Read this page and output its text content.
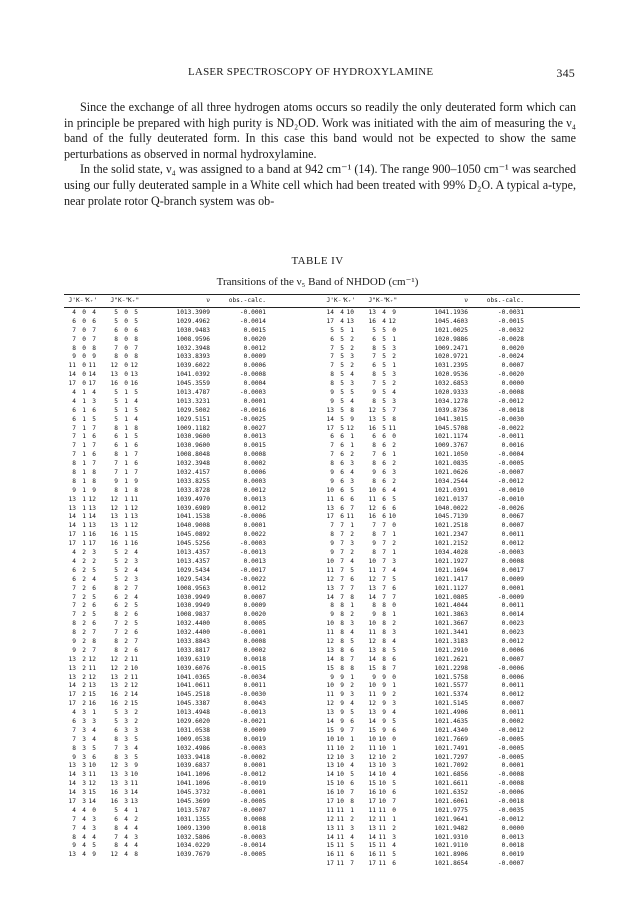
LASER SPECTROSCOPY OF HYDROXYLAMINE	345

Since the exchange of all three hydrogen atoms occurs so readily the only deuterated form which can in principle be prepared with high purity is ND₂OD. Work was initiated with the aim of measuring the ν₄ band of the fully deuterated form. In this case this band would not be expected to show the same perturbations as observed in normal hydroxylamine.

In the solid state, ν₄ was assigned to a band at 942 cm⁻¹ (14). The range 900–1050 cm⁻¹ was searched using our fully deuterated sample in a White cell which had been treated with 99% D₂O. A typical a-type, near prolate rotor Q-branch system was ob-

TABLE IV
Transitions of the ν₅ Band of NHDOD (cm⁻¹)
J' K₋'
K₊'	J" K₋"
K₊"	ν	obs.-calc.	J' K₋'
K₊'	J" K₋"
K₊"	ν	obs.-calc.
4	0	4	5	0	5	1013.3909	-0.0001
6	0	6	5	0	5	1029.4962	-0.0014
7	0	7	6	0	6	1030.9483	0.0015
7	0	7	8	0	8	1008.9596	0.0020
8	0	8	7	0	7	1032.3948	0.0012
9	0	9	8	0	8	1033.8393	0.0009
11	0 11	12	0 12	1039.6022	0.0006
14	0 14	13	0 13	1041.0392	-0.0008
17	0 17	16	0 16	1045.3559	0.0004
4	1	4	5	1	5	1013.4787	-0.0003
4	1	3	5	1	4	1013.3231	0.0001
6	1	6	5	1	5	1029.5002	-0.0016
6	1	5	5	1	4	1029.5151	-0.0025
7	1	7	8	1	8	1009.1182	0.0027
7	1	6	6	1	5	1030.9600	0.0013
7	1	7	6	1	6	1030.9600	0.0015
7	1	6	8	1	7	1008.8048	0.0008
8	1	7	7	1	6	1032.3948	0.0002
8	1	8	7	1	7	1032.4157	0.0006
8	1	8	9	1	9	1033.8255	0.0003
9	1	9	8	1	8	1033.8728	0.0012
13	1 12	12	1 11	1039.4970	0.0013
13	1 13	12	1 12	1039.6989	0.0012
14	1 14	13	1 13	1041.1538	-0.0006
14	1 13	13	1 12	1040.9008	0.0001
17	1 16	16	1 15	1045.0892	0.0022
17	1 17	16	1 16	1045.5256	-0.0003
4	2	3	5	2	4	1013.4357	-0.0013
4	2	2	5	2	3	1013.4357	0.0013
6	2	5	5	2	4	1029.5434	-0.0017
6	2	4	5	2	3	1029.5434	-0.0022
7	2	6	8	2	7	1008.9563	0.0012
7	2	5	6	2	4	1030.9949	0.0007
7	2	6	6	2	5	1030.9949	0.0009
7	2	5	8	2	6	1008.9837	0.0020
8	2	6	7	2	5	1032.4400	0.0005
8	2	7	7	2	6	1032.4400	-0.0001
9	2	8	8	2	7	1033.8843	0.0008
9	2	7	8	2	6	1033.8817	0.0002
13	2 12	12	2 11	1039.6319	0.0018
13	2 11	12	2 10	1039.6076	-0.0015
13	2 12	13	2 11	1041.0365	-0.0034
14	2 13	13	2 12	1041.0611	0.0011
17	2 15	16	2 14	1045.2518	-0.0030
17	2 16	16	2 15	1045.3387	0.0043
4	3	1	5	3	2	1013.4948	-0.0013
6	3	3	5	3	2	1029.6020	-0.0021
7	3	4	6	3	3	1031.0538	0.0009
7	3	4	8	3	5	1009.0538	0.0019
8	3	5	7	3	4	1032.4986	-0.0003
9	3	6	8	3	5	1033.9418	-0.0002
13	3 10	12	3	9	1039.6837	0.0001
14	3 11	13	3 10	1041.1096	-0.0012
14	3 12	13	3 11	1041.1096	-0.0019
14	3 15	16	3 14	1045.3732	-0.0001
17	3 14	16	3 13	1045.3699	-0.0005
4	4	0	5	4	1	1013.5787	-0.0007
7	4	3	6	4	2	1031.1355	0.0008
7	4	3	8	4	4	1009.1390	0.0018
8	4	4	7	4	3	1032.5806	-0.0003
9	4	5	8	4	4	1034.0229	-0.0014
13	4	9	12	4	8	1039.7679	-0.0005
14	4 10	13	4	9	1041.1936	-0.0031
17	4 13	16	4 12	1045.4603	-0.0015
5	5	1	5	5	0	1021.0025	-0.0032
6	5	2	6	5	1	1020.9886	-0.0028
7	5	2	8	5	3	1009.2471	0.0020
7	5	3	7	5	2	1020.9721	-0.0024
7	5	2	6	5	1	1031.2395	0.0007
8	5	4	8	5	3	1020.9536	-0.0020
8	5	3	7	5	2	1032.6853	0.0000
9	5	5	9	5	4	1020.9333	-0.0008
9	5	4	8	5	3	1034.1278	-0.0012
13	5	8	12	5	7	1039.8736	-0.0018
14	5	9	13	5	8	1041.3015	-0.0030
17	5 12	16	5 11	1045.5708	-0.0022
6	6	1	6	6	0	1021.1174	-0.0011
7	6	1	8	6	2	1009.3767	0.0016
7	6	2	7	6	1	1021.1050	-0.0004
8	6	3	8	6	2	1021.0835	-0.0005
9	6	4	9	6	3	1021.0626	-0.0007
9	6	3	8	6	2	1034.2544	-0.0012
10	6	5	10	6	4	1021.0391	-0.0010
11	6	6	11	6	5	1021.0137	-0.0010
13	6	7	12	6	6	1040.0022	-0.0026
17	6 11	16	6 10	1045.7139	0.0067
7	7	1	7	7	0	1021.2518	0.0007
8	7	2	8	7	1	1021.2347	0.0011
9	7	3	9	7	2	1021.2152	0.0012
9	7	2	8	7	1	1034.4028	-0.0003
10	7	4	10	7	3	1021.1927	0.0008
11	7	5	11	7	4	1021.1694	0.0017
12	7	6	12	7	5	1021.1417	0.0009
13	7	7	13	7	6	1021.1127	0.0001
14	7	8	14	7	7	1021.0805	-0.0009
8	8	1	8	8	0	1021.4044	0.0011
9	8	2	9	8	1	1021.3863	0.0014
10	8	3	10	8	2	1021.3667	0.0023
11	8	4	11	8	3	1021.3441	0.0023
12	8	5	12	8	4	1021.3183	0.0012
13	8	6	13	8	5	1021.2910	0.0006
14	8	7	14	8	6	1021.2621	0.0007
15	8	8	15	8	7	1021.2298	-0.0006
9	9	1	9	9	0	1021.5758	0.0006
10	9	2	10	9	1	1021.5577	0.0011
11	9	3	11	9	2	1021.5374	0.0012
12	9	4	12	9	3	1021.5145	0.0007
13	9	5	13	9	4	1021.4906	0.0011
14	9	6	14	9	5	1021.4635	0.0002
15	9	7	15	9	6	1021.4340	-0.0012
10 10	1	10 10	0	1021.7669	-0.0005
11 10	2	11 10	1	1021.7491	-0.0005
12 10	3	12 10	2	1021.7297	-0.0005
13 10	4	13 10	3	1021.7092	0.0001
14 10	5	14 10	4	1021.6856	-0.0008
15 10	6	15 10	5	1021.6611	-0.0008
16 10	7	16 10	6	1021.6352	-0.0006
17 10	8	17 10	7	1021.6061	-0.0018
11 11	1	11 11	0	1021.9775	-0.0035
12 11	2	12 11	1	1021.9641	-0.0012
13 11	3	13 11	2	1021.9482	0.0000
14 11	4	14 11	3	1021.9310	0.0013
15 11	5	15 11	4	1021.9110	0.0018
16 11	6	16 11	5	1021.8906	0.0019
17 11	7	17 11	6	1021.8654	-0.0007
